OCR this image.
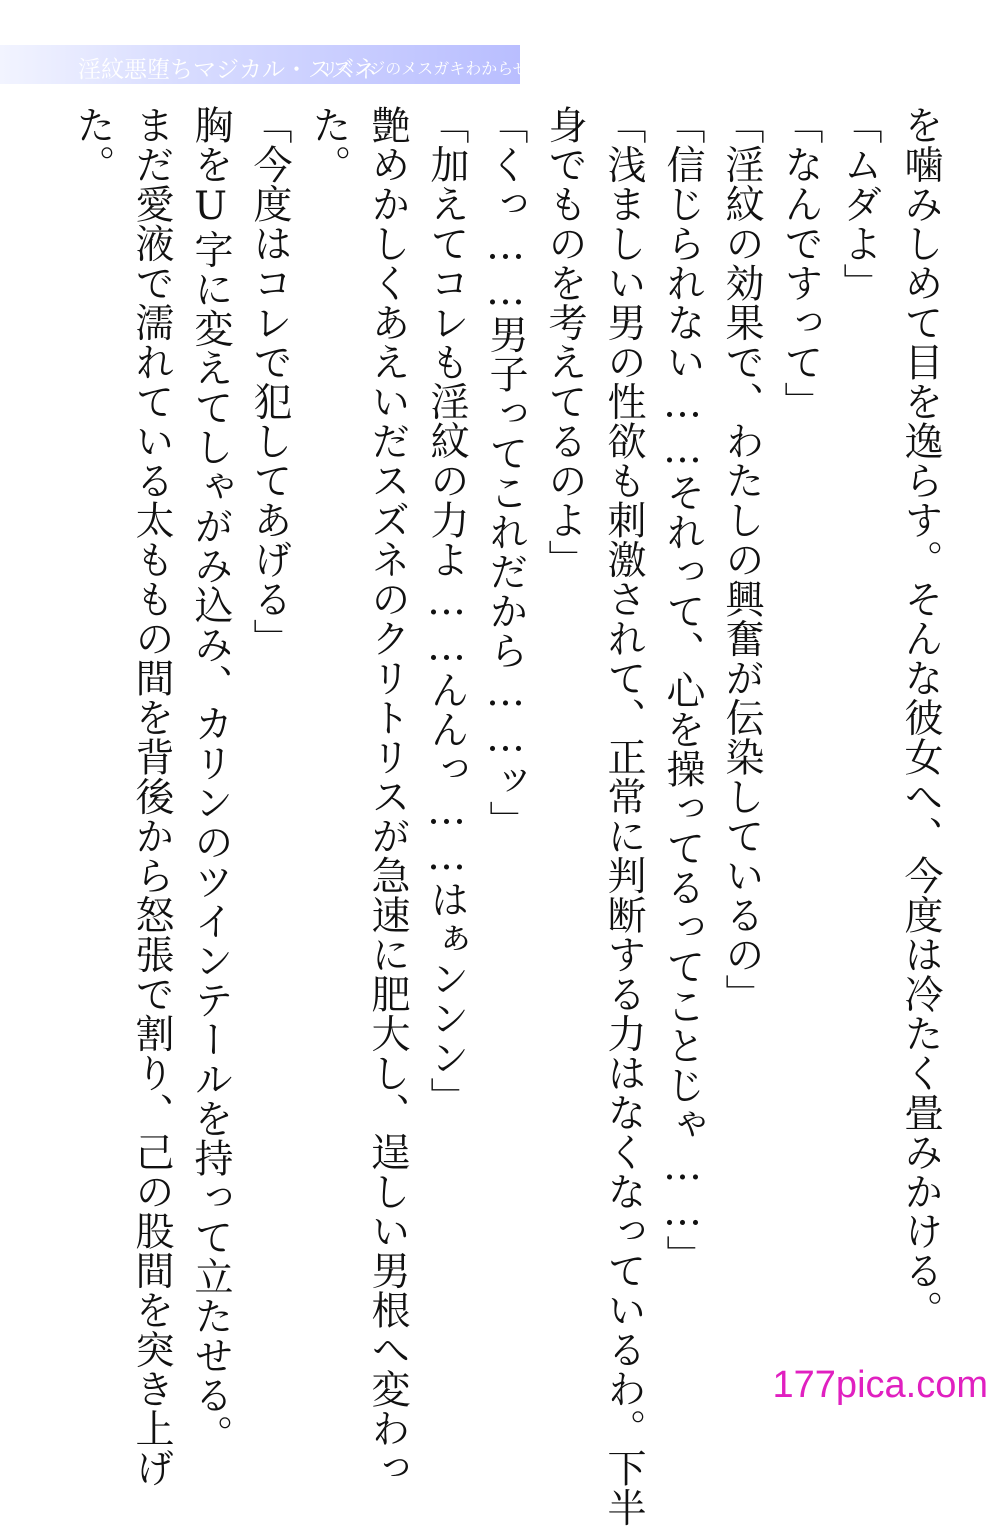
淫紋悪堕ちマジカル・スズネ
リベンジのメスガキわからせ
を噛みしめて目を逸らす。そんな彼女へ、今度は冷たく畳みかける。
「ムダよ」
「なんですって」
「淫紋の効果で、わたしの興奮が伝染しているの」
「信じられない……それって、心を操ってるってことじゃ……」
「浅ましい男の性欲も刺激されて、正常に判断する力はなくなっているわ。下半
身でものを考えてるのよ」
「くっ……男子ってこれだから……ッ」
「加えてコレも淫紋の力よ……んんっ……はぁンンン」
艶めかしくあえいだスズネのクリトリスが急速に肥大し、逞しい男根へ変わっ
た。
「今度はコレで犯してあげる」
胸をU字に変えてしゃがみ込み、カリンのツインテールを持って立たせる。
まだ愛液で濡れている太ももの間を背後から怒張で割り、己の股間を突き上げ
た。
177pica.com
